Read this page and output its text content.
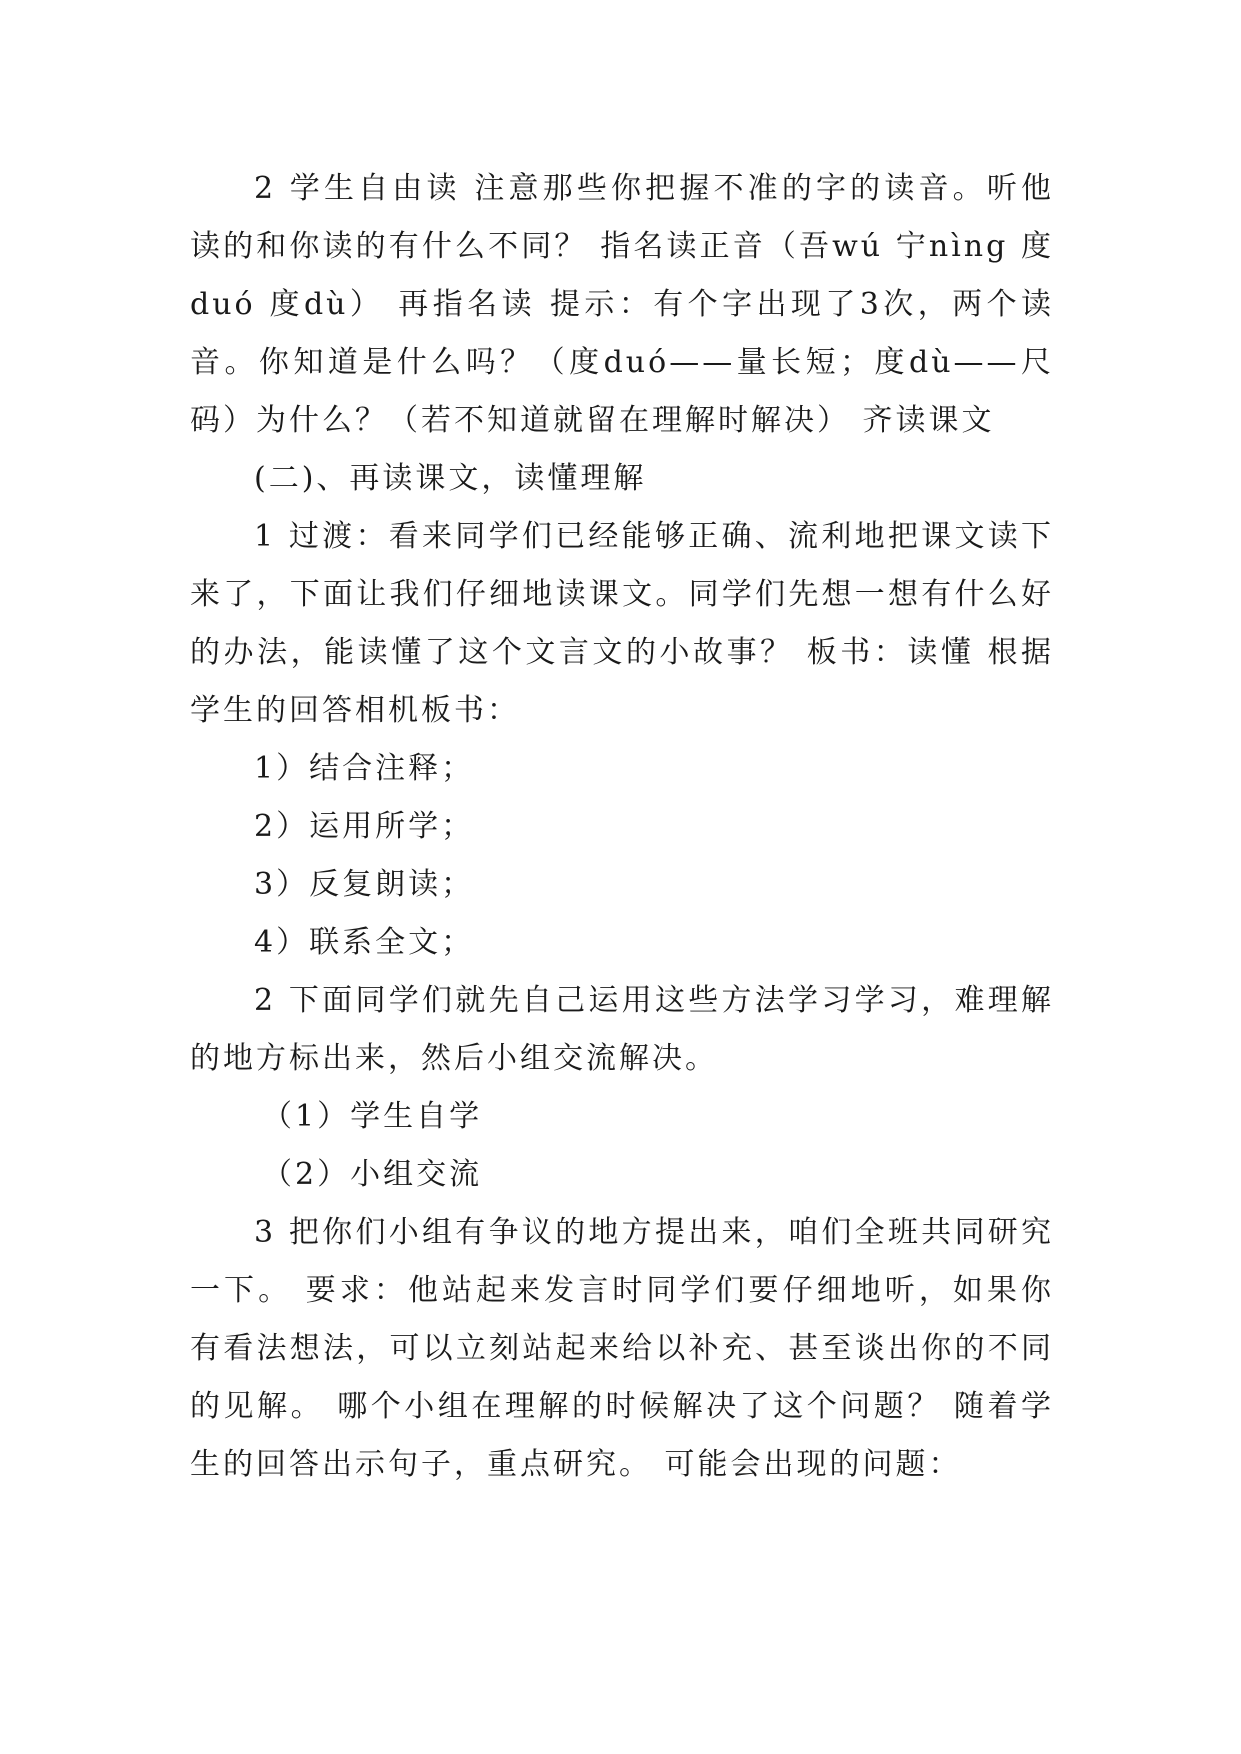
2 学生自由读 注意那些你把握不准的字的读音。听他读的和你读的有什么不同？ 指名读正音（吾wú 宁nìng 度duó 度dù） 再指名读 提示：有个字出现了3次，两个读音。你知道是什么吗？（度duó——量长短；度dù——尺码）为什么？（若不知道就留在理解时解决） 齐读课文

(二)、再读课文，读懂理解

1 过渡：看来同学们已经能够正确、流利地把课文读下来了，下面让我们仔细地读课文。同学们先想一想有什么好的办法，能读懂了这个文言文的小故事？ 板书：读懂 根据学生的回答相机板书：

1）结合注释；

2）运用所学；

3）反复朗读；

4）联系全文；

2 下面同学们就先自己运用这些方法学习学习，难理解的地方标出来，然后小组交流解决。

（1）学生自学

（2）小组交流

3 把你们小组有争议的地方提出来，咱们全班共同研究一下。 要求：他站起来发言时同学们要仔细地听，如果你有看法想法，可以立刻站起来给以补充、甚至谈出你的不同的见解。 哪个小组在理解的时候解决了这个问题？ 随着学生的回答出示句子，重点研究。 可能会出现的问题：
